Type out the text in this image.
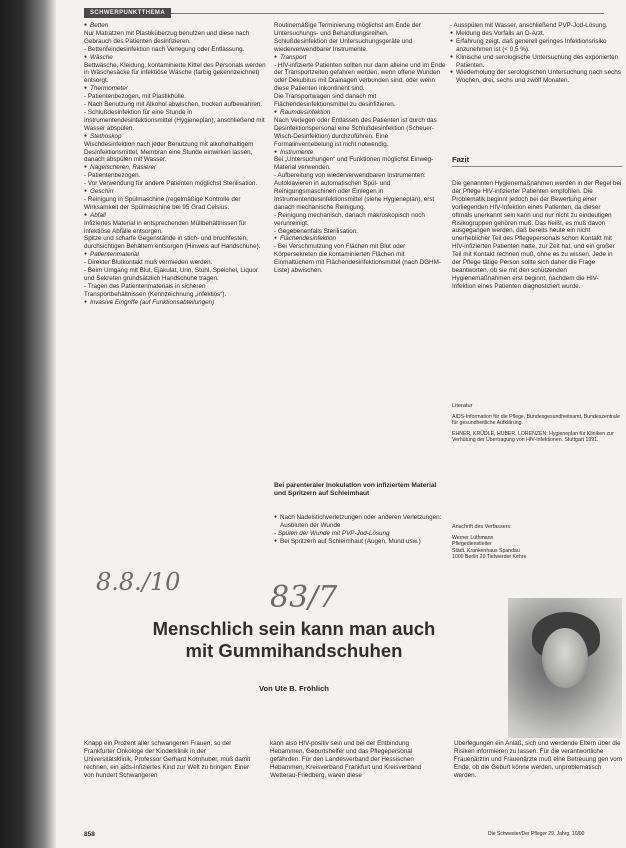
SCHWERPUNKTTHEMA
● Betten
Nur Matratzen mit Plastiküberzug benutzen und diese nach Gebrauch des Patienten desinfizieren.
- Bettenfeindesinfektion nach Verlegung oder Entlassung.
● Wäsche
Bettwäsche, Kleidung, kontaminierte Kittel des Personals werden in Wäschesäcke für infektiöse Wäsche (farbig gekennzeichnet) entsorgt.
● Thermometer
- Patientenbezogen, mit Plastikhülle.
- Nach Benutzung mit Alkohol abwischen, trocken aufbewahren.
- Schlußdesinfektion für eine Stunde in Instrumentendesinfektionsmittel (Hygieneplan), anschließend mit Wasser abspülen.
● Stethoskop
Wischdesinfektion nach jeder Benutzung mit alkoholhaltigem Desinfektionsmittel, Membran eine Stunde einwirken lassen, danach abspülen mit Wasser.
● Nagelscheren, Rasierer
- Patientenbezogen.
- Vor Verwendung für andere Patienten möglichst Sterilisation.
● Geschirr
- Reinigung in Spülmaschine (regelmäßige Kontrolle der Wirksamkeit der Spülmaschine bei 95 Grad Celsius.
● Abfall
Infiziertes Material in entsprechenden Müllbehältnissen für infektiöse Abfälle entsorgen.
Spitze und scharfe Gegenstände in stich- und bruchfesten, durchsichtigen Behältern entsorgen (Hinweis auf Handschuhe).
● Patientenmaterial
- Direkter Blutkontakt muß vermieden werden.
- Beim Umgang mit Blut, Ejakulat, Urin, Stuhl, Speichel, Liquor und Sekreten grundsätzlich Handschuhe tragen.
- Tragen des Patientenmaterials in sicheren Transportbehältnissen (Kennzeichnung „infektiös“).
● Invasive Eingriffe (auf Funktionsabteilungen)
Routinemäßige Terminierung möglichst am Ende der Untersuchungs- und Behandlungsreihen.
Schlußdesinfektion der Untersuchungsgeräte und wiederverwendbarer Instrumente.
● Transport
- HIV-infizierte Patienten sollten nur dann alleine und im Ende der Transportzeiten gefahren werden, wenn offene Wunden oder Dekubitus mit Drainagen verbunden sind, oder wenn diese Patienten inkontinent sind.
Die Transportwagen sind danach mit Flächendesinfektionsmittel zu desinfizieren.
● Raumdesinfektion
Nach Verlegen oder Entlassen des Patienten ist durch das Desinfektionspersonal eine Schlußdesinfektion (Scheuer-Wisch-Desinfektion) durchzuführen. Eine Formalinvernebelung ist nicht notwendig.
● Instrumente
Bei „Untersuchungen“ und Funktionen möglichst Einweg-Material verwenden.
- Aufbereitung von wiederverwendbaren Instrumenten: Autoklavieren in automatischen Spül- und Reinigungsmaschinen oder Einlegen in Instrumentendesinfektionsmittel (siehe Hygieneplan), erst danach mechanische Reinigung.
- Reinigung mechanisch, danach makroskopisch noch verunreinigt.
- Gegebenenfalls Sterilisation.
● Flächendesinfektion
- Bei Verschmutzung von Flächen mit Blut oder Körpersekreten die kontaminierten Flächen mit Einmaltüchern mit Flächendesinfektionsmittel (nach DGHM-Liste) abwischen.
- Ausspülen mit Wasser, anschließend PVP-Jod-Lösung.
● Meldung des Vorfalls an D-Arzt.
● Erfahrung zeigt, daß generell geringes Infektionsrisiko anzunehmen ist (< 0,5 %).
● Klinische und serologische Untersuchung des exponierten Patienten.
● Wiederholung der serologischen Untersuchung nach sechs Wochen, drei, sechs und zwölf Monaten.
Fazit
Die genannten Hygienemaßnahmen werden in der Regel bei der Pflege HIV-infizierter Patienten empfohlen. Die Problematik beginnt jedoch bei der Bewertung einer vorliegenden HIV-Infektion eines Patienten, da dieser oftmals unerkannt sein kann und nur nicht zu eindeutigen Risikogruppen gehören muß. Das heißt, es muß davon ausgegangen werden, daß bereits heute ein nicht unerheblicher Teil des Pflegepersonals schon Kontakt mit HIV-infizierten Patienten hatte, zur Zeit hat, und ein großer Teil mit Kontakt rechnen muß, ohne es zu wissen. Jede in der Pflege tätige Person sollte sich daher die Frage beantworten, ob sie mit den schützenden Hygienemaßnahmen erst beginnt, nachdem die HIV-Infektion eines Patienten diagnostiziert wurde.
Literatur

AIDS-Information für die Pflege, Bundesgesundheitsamt, Bundeszentrale für gesundheitliche Aufklärung.

EHNER, KRÜDLE, HUBER, LORENZEN: Hygieneplan für Kliniken zur Verhütung der Übertragung von HIV-Infektionen. Stuttgart 1991.

Bei parenteraler Inokulation von infiziertem Material und Spritzern auf Schleimhaut
● Nach Nadelstichverletzungen oder anderen Verletzungen: Ausbluten der Wunde
- Spülen der Wunde mit PVP-Jod-Lösung
● Bei Spritzern auf Schleimhaut (Augen, Mund usw.)
Anschrift des Verfassers:
Werner Lüthmann
Pflegedienstleiter
Städt. Krankenhaus Spandau
1000 Berlin 20 Tiefwerder Kehre
8.8./10	83/7
Menschlich sein kann man auch
mit Gummihandschuhen
Von Ute B. Fröhlich
Knapp ein Prozent aller schwangeren Frauen, so der Frankfurter Onkologe der Kinderklinik in der Universitätsklinik, Professor Gerhard Kornhuber, muß damit rechnen, ein aids-infiziertes Kind zur Welt zu bringen. Einer von hundert Schwangeren
kann also HIV-positiv sein und bei der Entbindung Hebammen, Geburtshelfer und das Pflegepersonal gefährden. Für den Landesverband der Hessischen Hebammen, Kreisverband Frankfurt und Kreisverband Wetterau-Friedberg, waren diese
Überlegungen ein Anlaß, sich und werdende Eltern über die Risiken informieren zu lassen. Für die verantwortliche Frauenärztin und Frauenärzte muß eine Betreuung gen vom Ende, ob die Geburt könne werden, unproblematisch werden.
858	Die Schwester/Der Pfleger 29. Jahrg. 10/90
